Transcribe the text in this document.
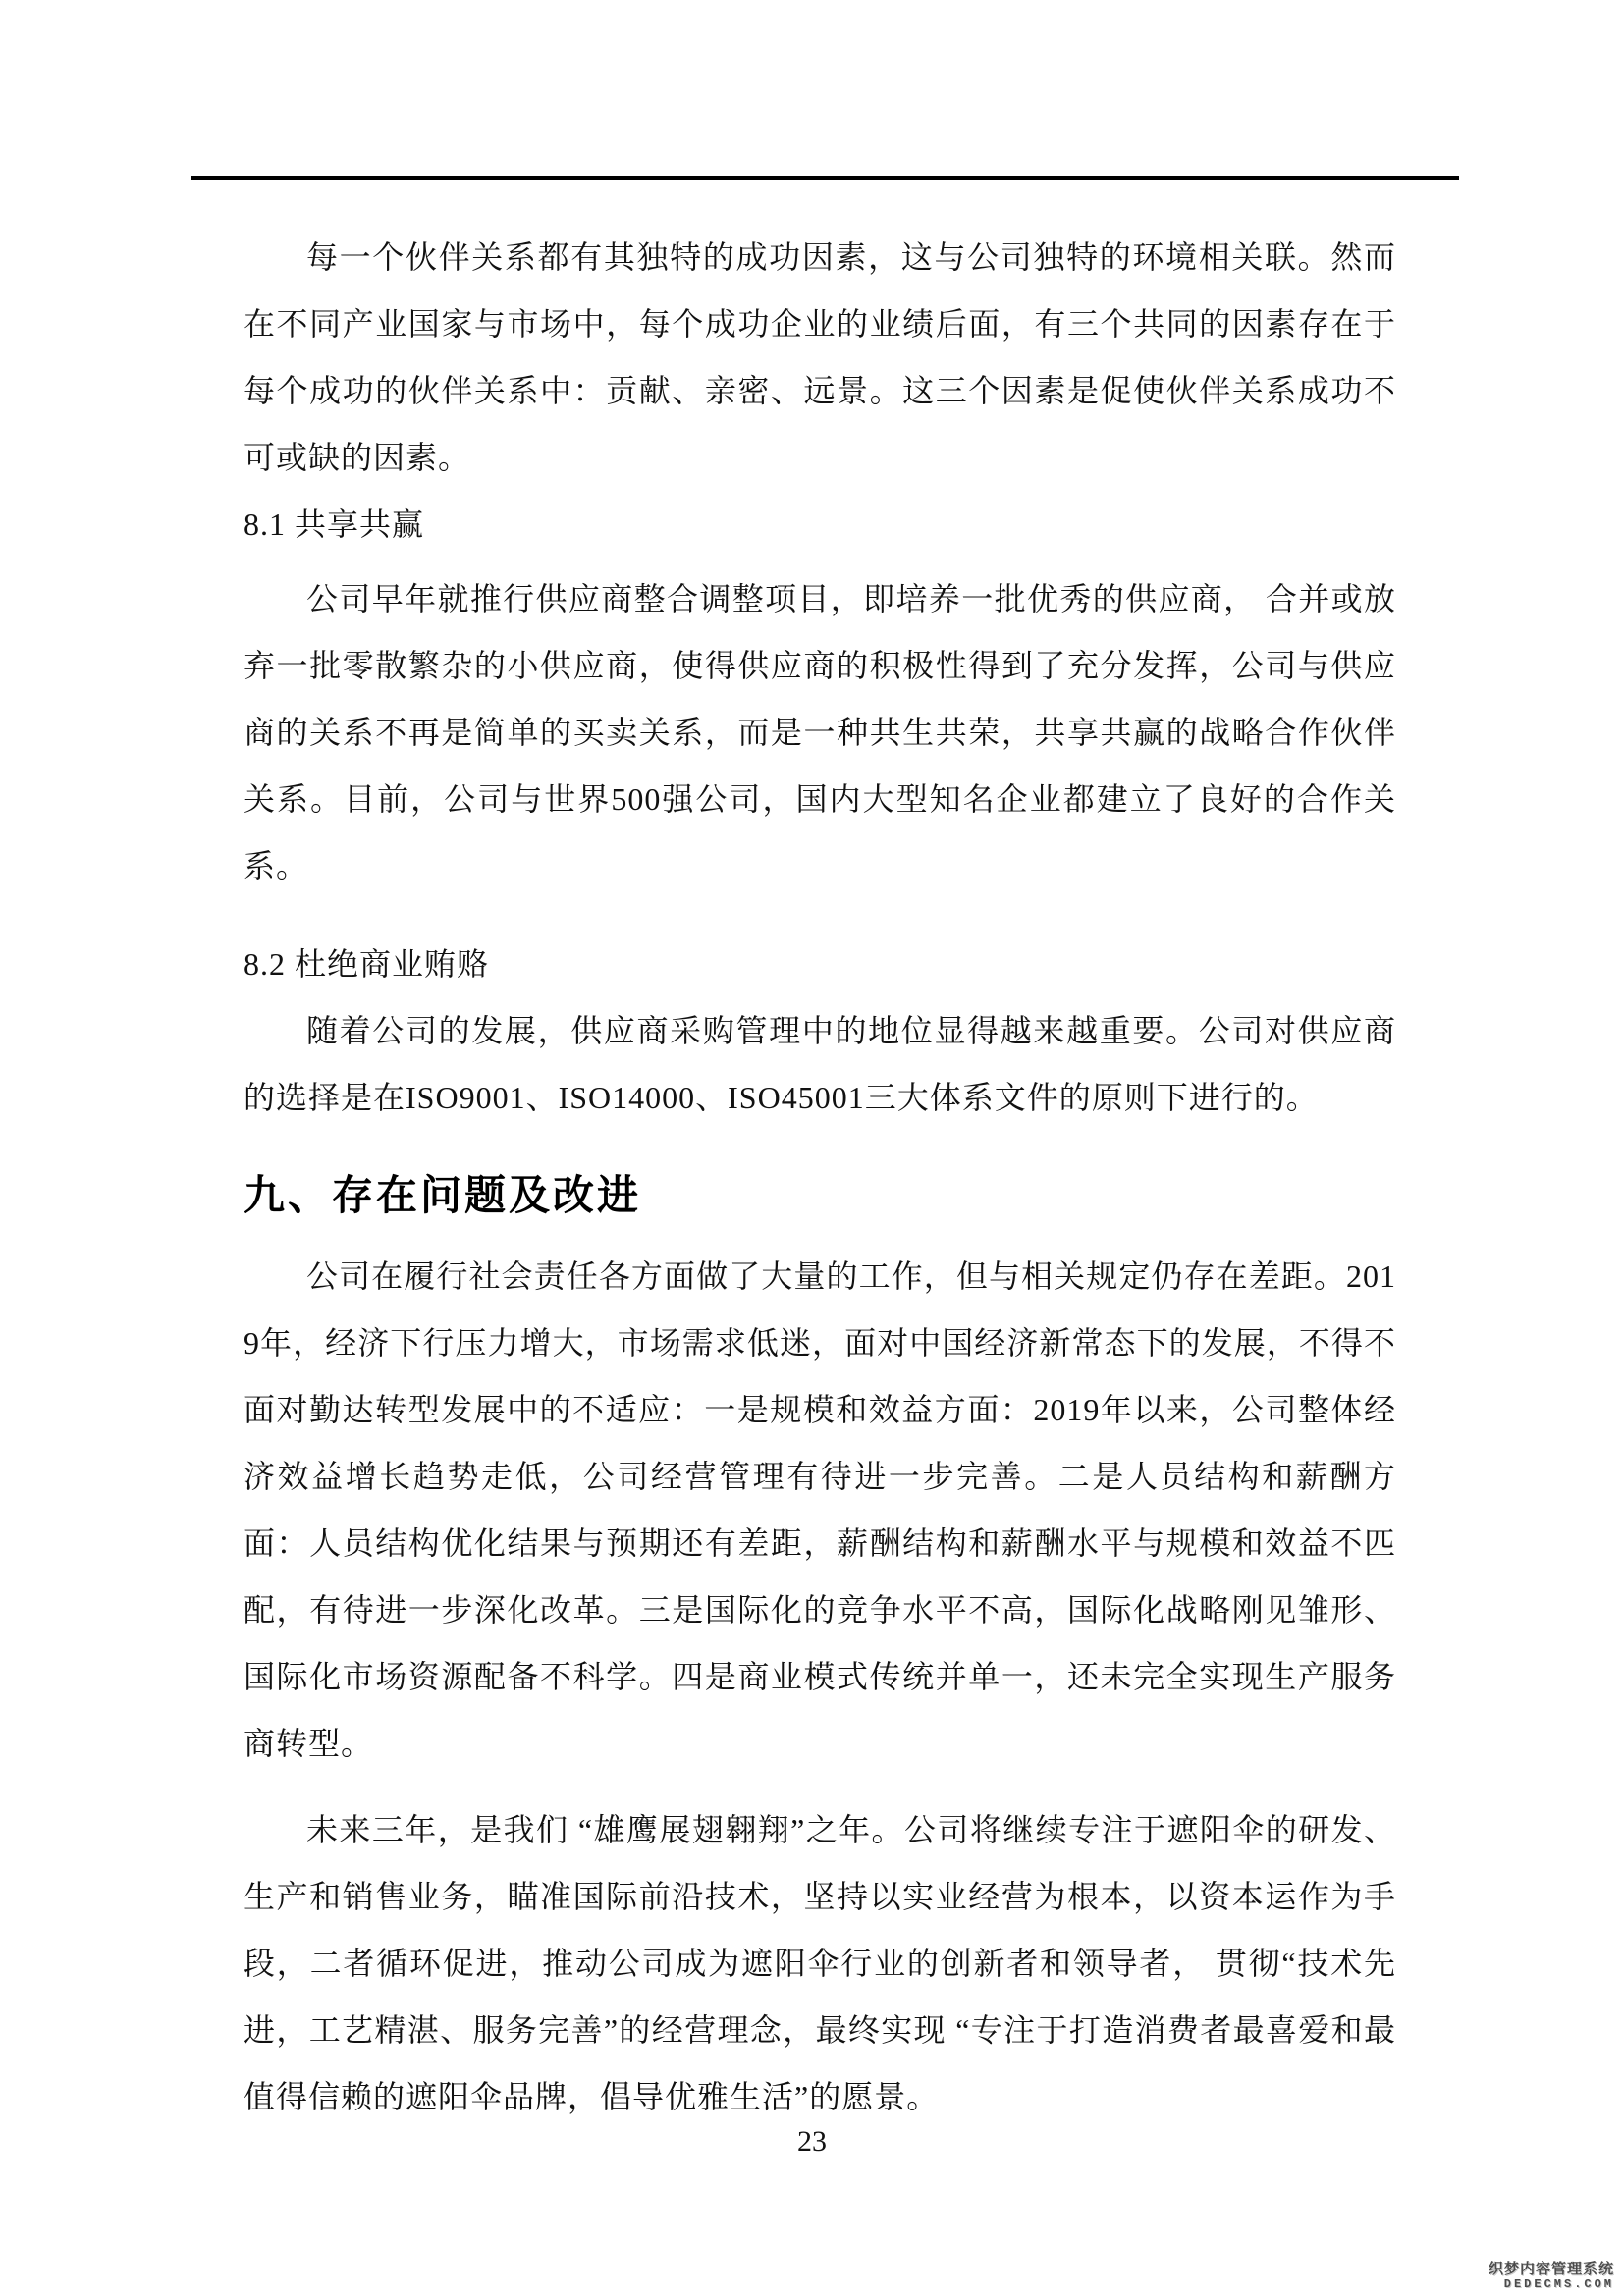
每一个伙伴关系都有其独特的成功因素，这与公司独特的环境相关联。然而在不同产业国家与市场中，每个成功企业的业绩后面，有三个共同的因素存在于每个成功的伙伴关系中：贡献、亲密、远景。这三个因素是促使伙伴关系成功不可或缺的因素。

8.1 共享共赢

公司早年就推行供应商整合调整项目，即培养一批优秀的供应商， 合并或放弃一批零散繁杂的小供应商，使得供应商的积极性得到了充分发挥，公司与供应商的关系不再是简单的买卖关系，而是一种共生共荣，共享共赢的战略合作伙伴关系。目前，公司与世界500强公司，国内大型知名企业都建立了良好的合作关系。

8.2 杜绝商业贿赂

随着公司的发展，供应商采购管理中的地位显得越来越重要。公司对供应商的选择是在ISO9001、ISO14000、ISO45001三大体系文件的原则下进行的。

九、存在问题及改进

公司在履行社会责任各方面做了大量的工作，但与相关规定仍存在差距。2019年，经济下行压力增大，市场需求低迷，面对中国经济新常态下的发展，不得不面对勤达转型发展中的不适应：一是规模和效益方面：2019年以来，公司整体经济效益增长趋势走低，公司经营管理有待进一步完善。二是人员结构和薪酬方面：人员结构优化结果与预期还有差距，薪酬结构和薪酬水平与规模和效益不匹配，有待进一步深化改革。三是国际化的竞争水平不高，国际化战略刚见雏形、国际化市场资源配备不科学。四是商业模式传统并单一，还未完全实现生产服务商转型。

未来三年，是我们 “雄鹰展翅翱翔”之年。公司将继续专注于遮阳伞的研发、生产和销售业务，瞄准国际前沿技术，坚持以实业经营为根本，以资本运作为手段，二者循环促进，推动公司成为遮阳伞行业的创新者和领导者， 贯彻“技术先进，工艺精湛、服务完善”的经营理念，最终实现 “专注于打造消费者最喜爱和最值得信赖的遮阳伞品牌，倡导优雅生活”的愿景。

23
织梦内容管理系统
DEDECMS.COM
